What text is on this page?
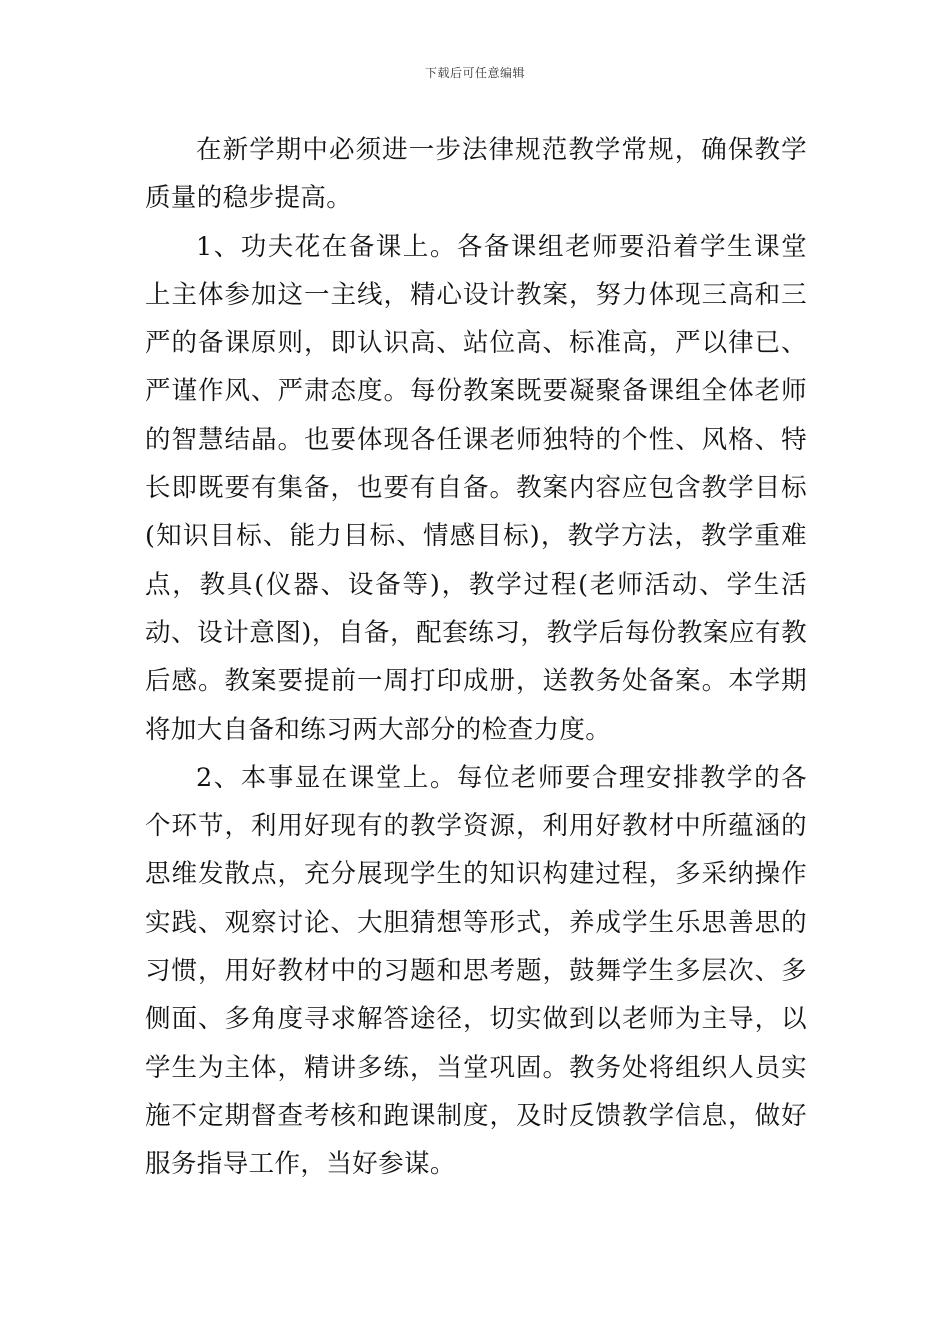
下载后可任意编辑

在新学期中必须进一步法律规范教学常规，确保教学质量的稳步提高。

1、功夫花在备课上。各备课组老师要沿着学生课堂上主体参加这一主线，精心设计教案，努力体现三高和三严的备课原则，即认识高、站位高、标准高，严以律已、严谨作风、严肃态度。每份教案既要凝聚备课组全体老师的智慧结晶。也要体现各任课老师独特的个性、风格、特长即既要有集备，也要有自备。教案内容应包含教学目标(知识目标、能力目标、情感目标)，教学方法，教学重难点，教具(仪器、设备等)，教学过程(老师活动、学生活动、设计意图)，自备，配套练习，教学后每份教案应有教后感。教案要提前一周打印成册，送教务处备案。本学期将加大自备和练习两大部分的检查力度。

2、本事显在课堂上。每位老师要合理安排教学的各个环节，利用好现有的教学资源，利用好教材中所蕴涵的思维发散点，充分展现学生的知识构建过程，多采纳操作实践、观察讨论、大胆猜想等形式，养成学生乐思善思的习惯，用好教材中的习题和思考题，鼓舞学生多层次、多侧面、多角度寻求解答途径，切实做到以老师为主导，以学生为主体，精讲多练，当堂巩固。教务处将组织人员实施不定期督查考核和跑课制度，及时反馈教学信息，做好服务指导工作，当好参谋。
